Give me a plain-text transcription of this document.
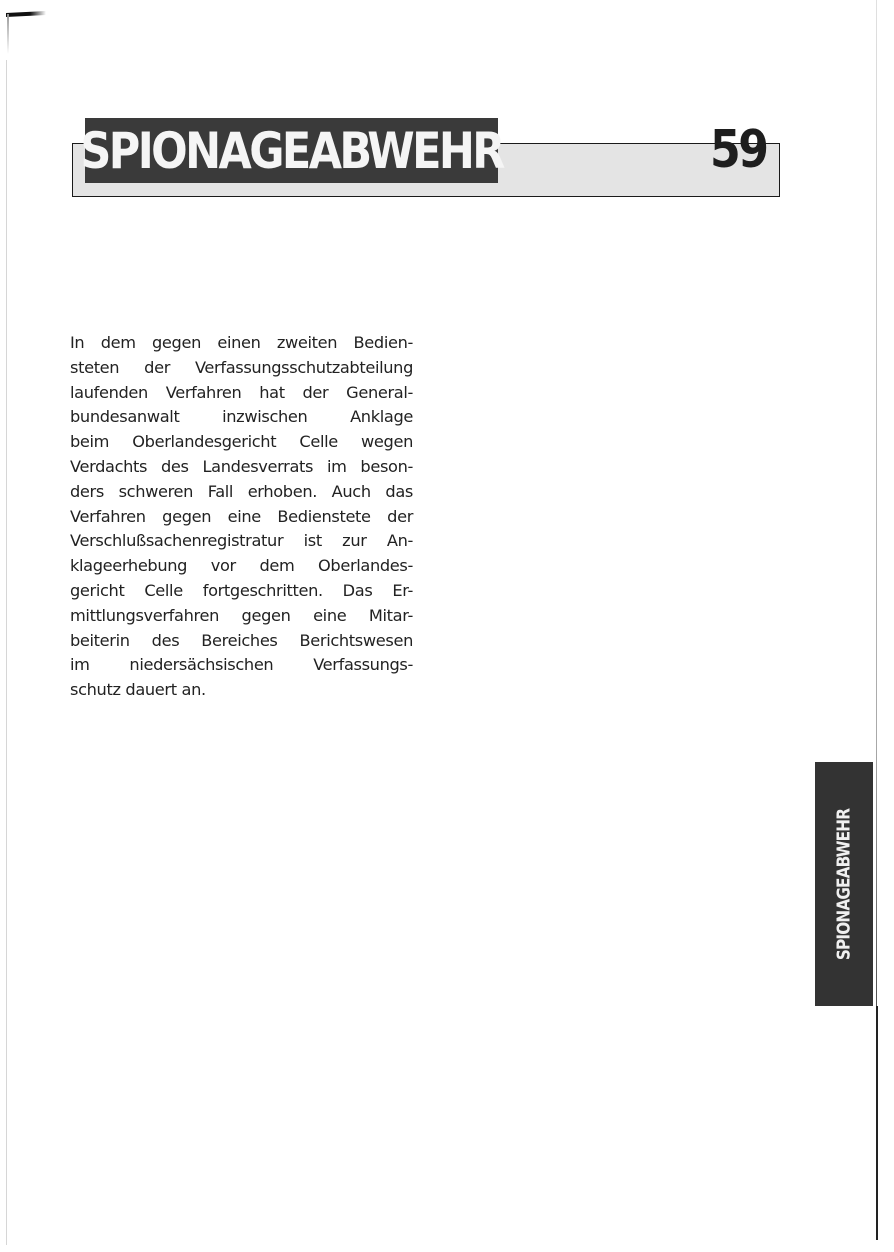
SPIONAGEABWEHR	59
In dem gegen einen zweiten Bedien-
steten der Verfassungsschutzabteilung
laufenden Verfahren hat der General-
bundesanwalt inzwischen Anklage
beim Oberlandesgericht Celle wegen
Verdachts des Landesverrats im beson-
ders schweren Fall erhoben. Auch das
Verfahren gegen eine Bedienstete der
Verschlußsachenregistratur ist zur An-
klageerhebung vor dem Oberlandes-
gericht Celle fortgeschritten. Das Er-
mittlungsverfahren gegen eine Mitar-
beiterin des Bereiches Berichtswesen
im niedersächsischen Verfassungs-
schutz dauert an.
SPIONAGEABWEHR
